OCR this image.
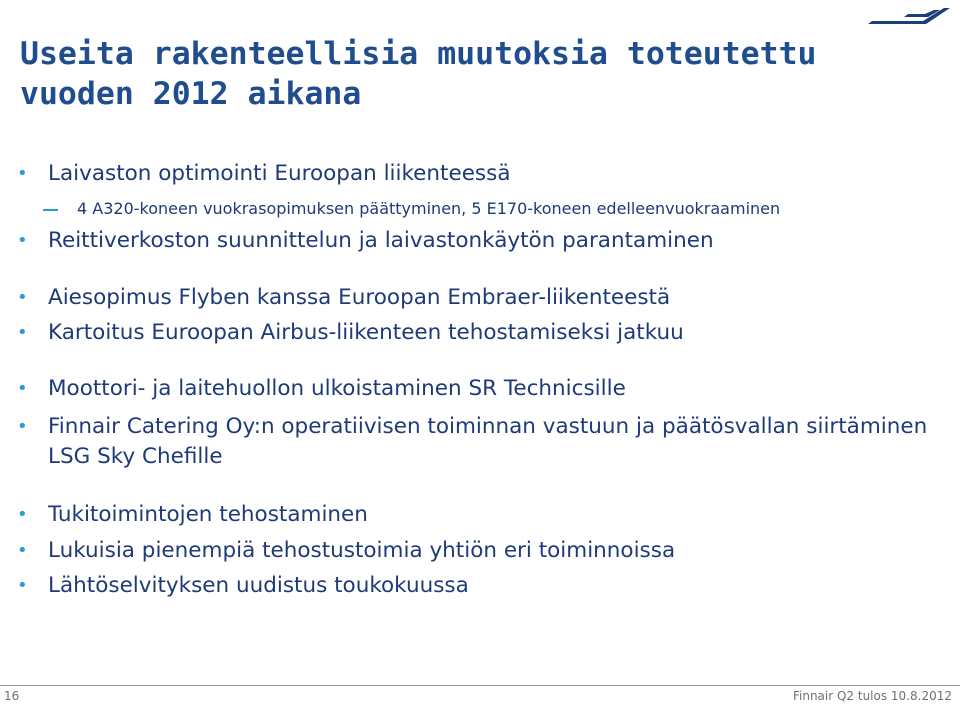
Useita rakenteellisia muutoksia toteutettu vuoden 2012 aikana
• Laivaston optimointi Euroopan liikenteessä
4 A320-koneen vuokrasopimuksen päättyminen, 5 E170-koneen edelleenvuokraaminen
• Reittiverkoston suunnittelun ja laivastonkäytön parantaminen
• Aiesopimus Flyben kanssa Euroopan Embraer-liikenteestä
• Kartoitus Euroopan Airbus-liikenteen tehostamiseksi jatkuu
• Moottori- ja laitehuollon ulkoistaminen SR Technicsille
• Finnair Catering Oy:n operatiivisen toiminnan vastuun ja päätösvallan siirtäminen LSG Sky Chefille
• Tukitoimintojen tehostaminen
• Lukuisia pienempiä tehostustoimia yhtiön eri toiminnoissa
• Lähtöselvityksen uudistus toukokuussa
16	Finnair Q2 tulos 10.8.2012
